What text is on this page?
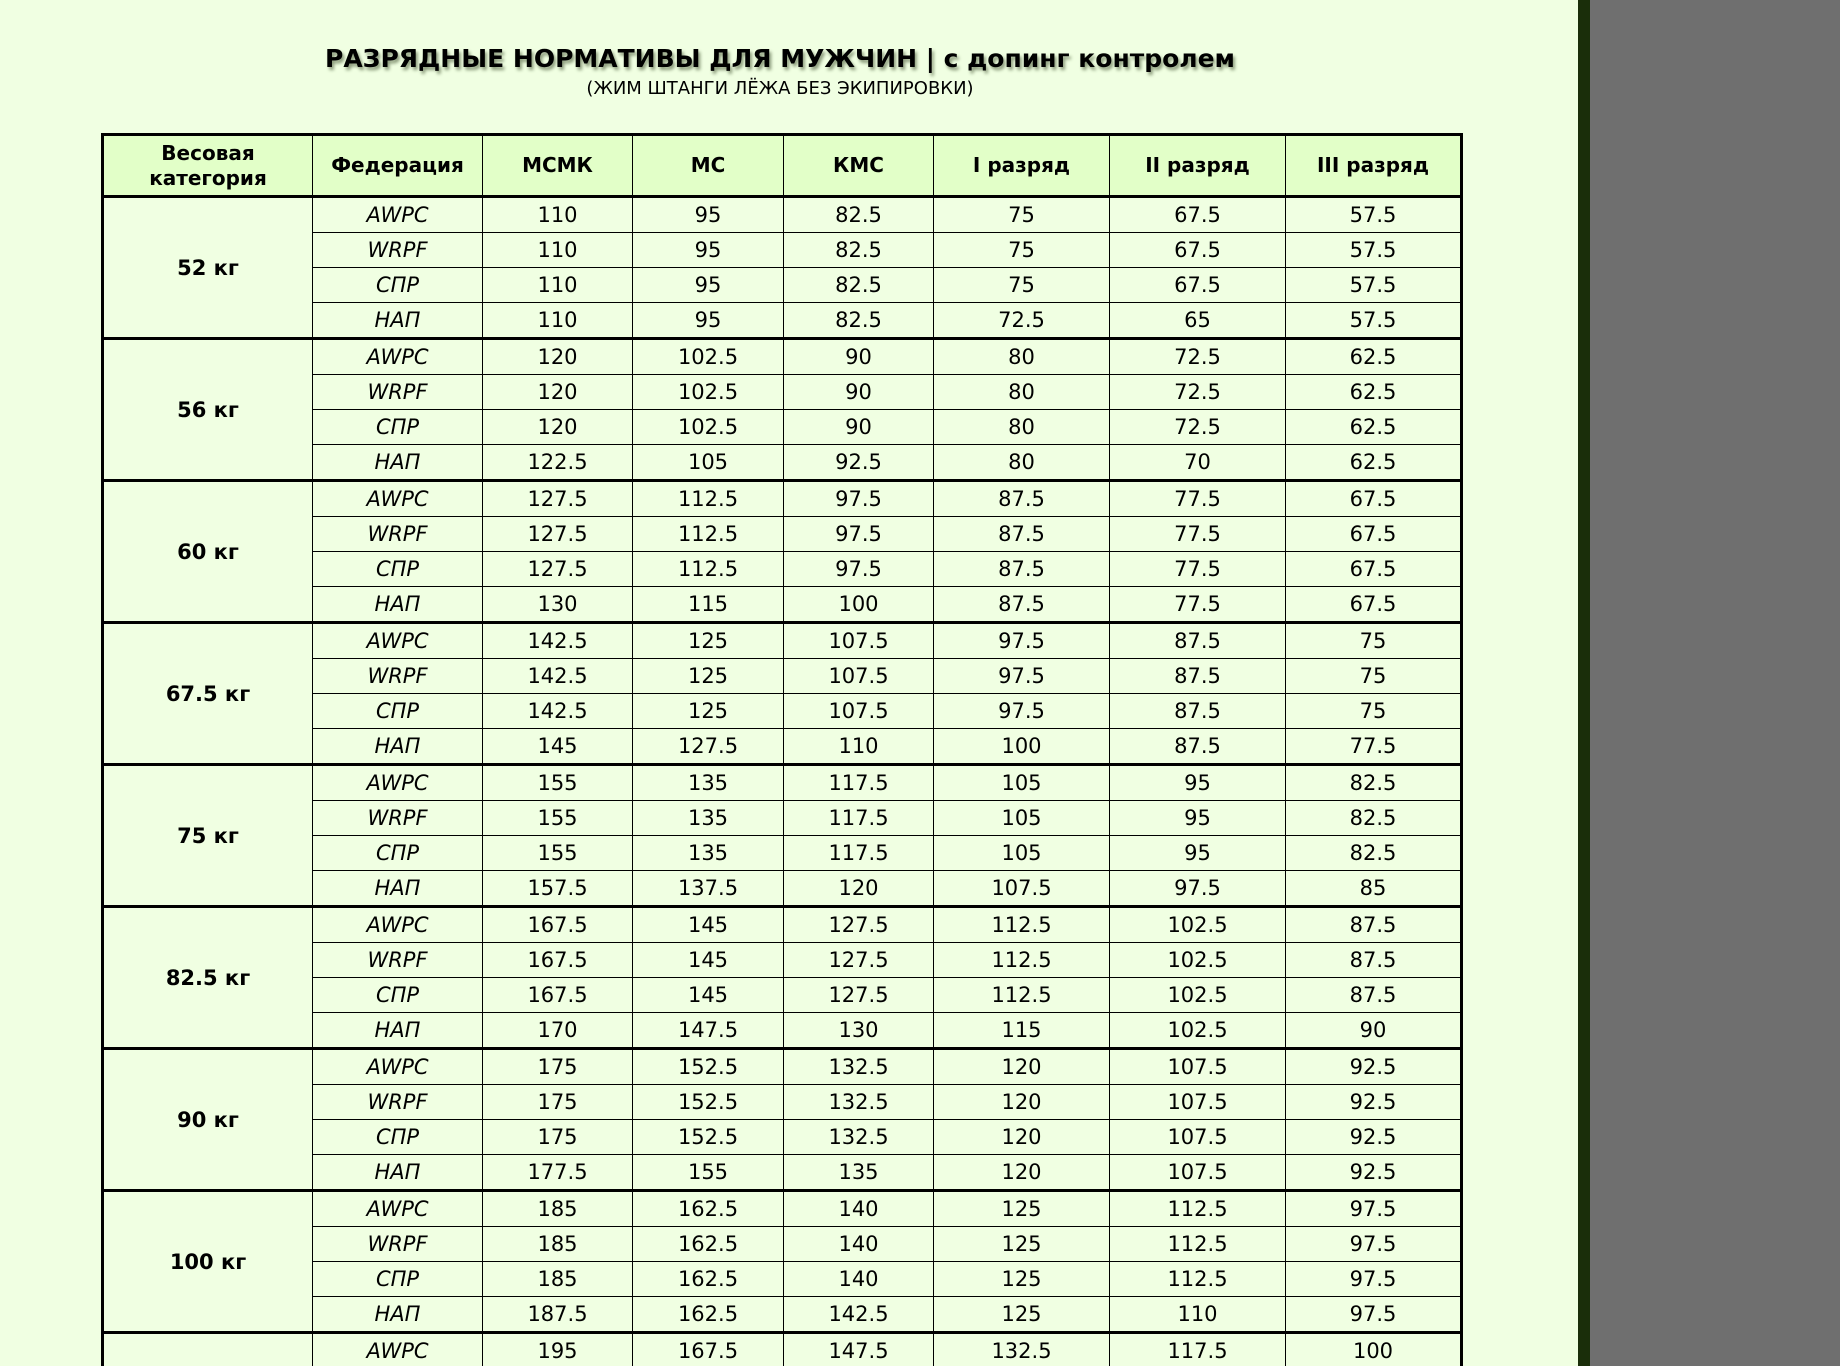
РАЗРЯДНЫЕ НОРМАТИВЫ ДЛЯ МУЖЧИН | с допинг контролем
(ЖИМ ШТАНГИ ЛЁЖА БЕЗ ЭКИПИРОВКИ)
Весовая категория	Федерация	МСМК	МС	КМС	I разряд	II разряд	III разряд
52 кг	AWPC	110	95	82.5	75	67.5	57.5
	WRPF	110	95	82.5	75	67.5	57.5
	СПР	110	95	82.5	75	67.5	57.5
	НАП	110	95	82.5	72.5	65	57.5
56 кг	AWPC	120	102.5	90	80	72.5	62.5
	WRPF	120	102.5	90	80	72.5	62.5
	СПР	120	102.5	90	80	72.5	62.5
	НАП	122.5	105	92.5	80	70	62.5
60 кг	AWPC	127.5	112.5	97.5	87.5	77.5	67.5
	WRPF	127.5	112.5	97.5	87.5	77.5	67.5
	СПР	127.5	112.5	97.5	87.5	77.5	67.5
	НАП	130	115	100	87.5	77.5	67.5
67.5 кг	AWPC	142.5	125	107.5	97.5	87.5	75
	WRPF	142.5	125	107.5	97.5	87.5	75
	СПР	142.5	125	107.5	97.5	87.5	75
	НАП	145	127.5	110	100	87.5	77.5
75 кг	AWPC	155	135	117.5	105	95	82.5
	WRPF	155	135	117.5	105	95	82.5
	СПР	155	135	117.5	105	95	82.5
	НАП	157.5	137.5	120	107.5	97.5	85
82.5 кг	AWPC	167.5	145	127.5	112.5	102.5	87.5
	WRPF	167.5	145	127.5	112.5	102.5	87.5
	СПР	167.5	145	127.5	112.5	102.5	87.5
	НАП	170	147.5	130	115	102.5	90
90 кг	AWPC	175	152.5	132.5	120	107.5	92.5
	WRPF	175	152.5	132.5	120	107.5	92.5
	СПР	175	152.5	132.5	120	107.5	92.5
	НАП	177.5	155	135	120	107.5	92.5
100 кг	AWPC	185	162.5	140	125	112.5	97.5
	WRPF	185	162.5	140	125	112.5	97.5
	СПР	185	162.5	140	125	112.5	97.5
	НАП	187.5	162.5	142.5	125	110	97.5
	AWPC	195	167.5	147.5	132.5	117.5	100
